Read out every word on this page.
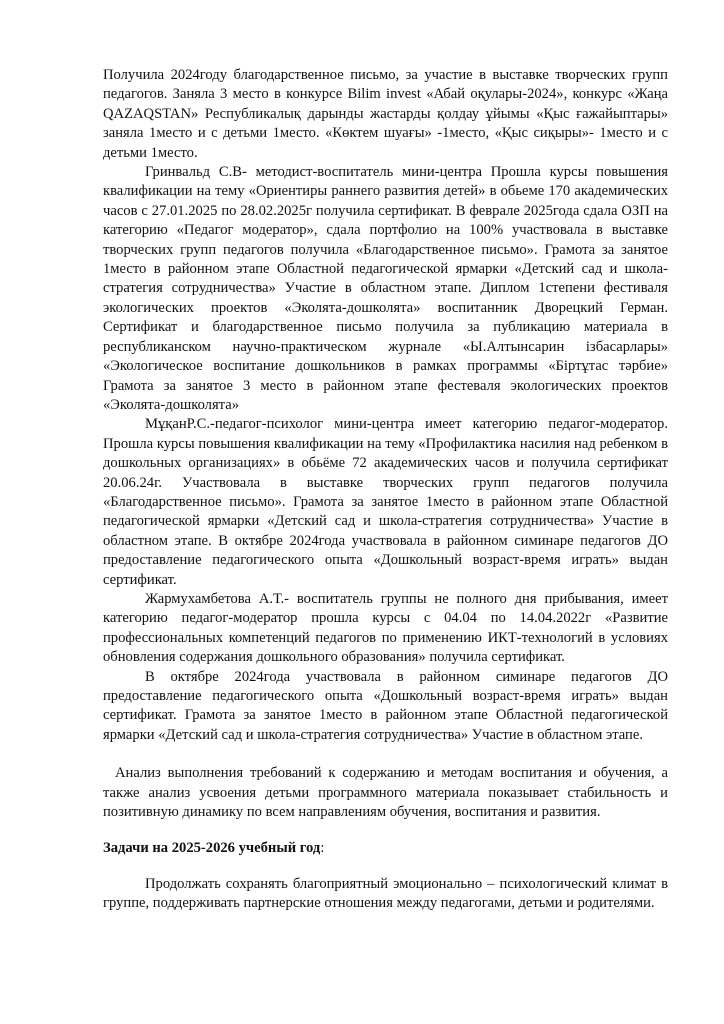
Получила 2024году благодарственное письмо, за участие в выставке творческих групп педагогов. Заняла 3 место в конкурсе Bilim invest «Абай оқулары-2024», конкурс «Жаңа QAZAQSTAN» Республикалық дарынды жастарды қолдау ұйымы «Қыс ғажайыптары» заняла 1место и с детьми 1место. «Көктем шуағы» -1место, «Қыс сиқыры»- 1место и с детьми 1место.

Гринвальд С.В- методист-воспитатель мини-центра Прошла курсы повышения квалификации на тему «Ориентиры раннего развития детей» в обьеме 170 академических часов с 27.01.2025 по 28.02.2025г получила сертификат. В феврале 2025года сдала ОЗП на категорию «Педагог модератор», сдала портфолио на 100% участвовала в выставке творческих групп педагогов получила «Благодарственное письмо». Грамота за занятое 1место в районном этапе Областной педагогической ярмарки «Детский сад и школа-стратегия сотрудничества» Участие в областном этапе. Диплом 1степени фестиваля экологических проектов «Эколята-дошколята» воспитанник Дворецкий Герман. Сертификат и благодарственное письмо получила за публикацию материала в республиканском научно-практическом журнале «Ы.Алтынсарин ізбасарлары» «Экологическое воспитание дошкольников в рамках программы «Біртұтас тәрбие» Грамота за занятое 3 место в районном этапе фестеваля экологических проектов «Эколята-дошколята»

МұқанР.С.-педагог-психолог мини-центра имеет категорию педагог-модератор. Прошла курсы повышения квалификации на тему «Профилактика насилия над ребенком в дошкольных организациях» в обьёме 72 академических часов и получила сертификат 20.06.24г. Участвовала в выставке творческих групп педагогов получила «Благодарственное письмо». Грамота за занятое 1место в районном этапе Областной педагогической ярмарки «Детский сад и школа-стратегия сотрудничества» Участие в областном этапе. В октябре 2024года участвовала в районном симинаре педагогов ДО предоставление педагогического опыта «Дошкольный возраст-время играть» выдан сертификат.

Жармухамбетова А.Т.- воспитатель группы не полного дня прибывания, имеет категорию педагог-модератор прошла курсы с 04.04 по 14.04.2022г «Развитие профессиональных компетенций педагогов по применению ИКТ-технологий в условиях обновления содержания дошкольного образования» получила сертификат.

В октябре 2024года участвовала в районном симинаре педагогов ДО предоставление педагогического опыта «Дошкольный возраст-время играть» выдан сертификат. Грамота за занятое 1место в районном этапе Областной педагогической ярмарки «Детский сад и школа-стратегия сотрудничества» Участие в областном этапе.

Анализ выполнения требований к содержанию и методам воспитания и обучения, а также анализ усвоения детьми программного материала показывает стабильность и позитивную динамику по всем направлениям обучения, воспитания и развития.

Задачи на 2025-2026 учебный год:

Продолжать сохранять благоприятный эмоционально – психологический климат в группе, поддерживать партнерские отношения между педагогами, детьми и родителями.
